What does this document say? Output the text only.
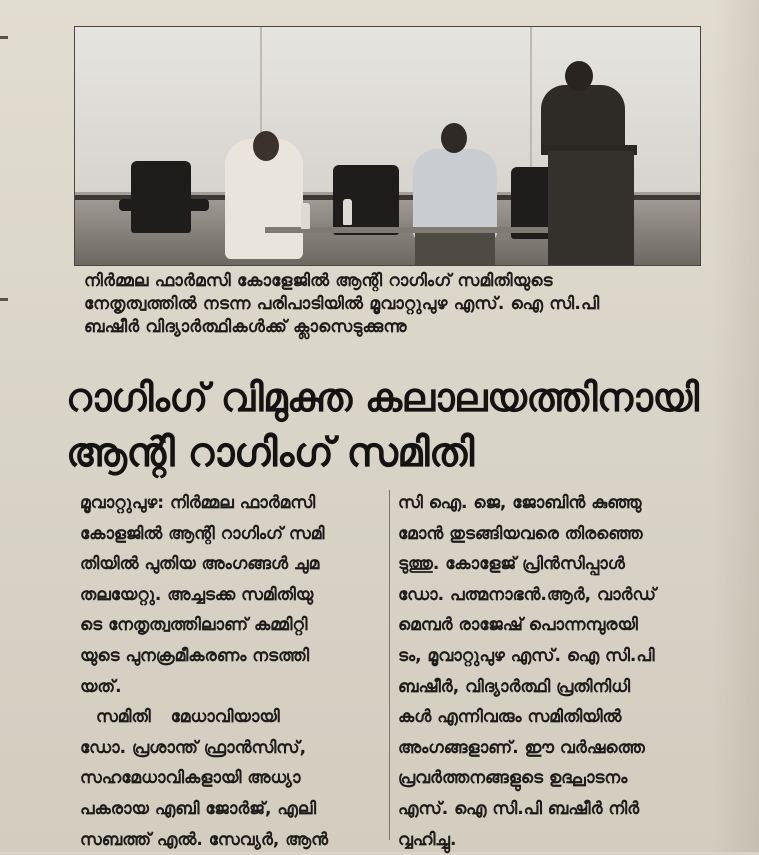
നിർമ്മല ഫാർമസി കോളേജിൽ ആന്റി റാഗിംഗ് സമിതിയുടെ
നേതൃത്വത്തിൽ നടന്ന പരിപാടിയിൽ മൂവാറ്റുപുഴ എസ്. ഐ സി.പി
ബഷീർ വിദ്യാർത്ഥികൾക്ക് ക്ലാസെടുക്കുന്നു
റാഗിംഗ് വിമുക്ത കലാലയത്തിനായി
ആന്റി റാഗിംഗ് സമിതി
മൂവാറ്റുപുഴ: നിർമ്മല ഫാർമസി
കോളജിൽ ആന്റി റാഗിംഗ് സമി
തിയിൽ പുതിയ അംഗങ്ങൾ ചുമ
തലയേറ്റു. അച്ചടക്ക സമിതിയു
ടെ നേതൃത്വത്തിലാണ് കമ്മിറ്റി
യുടെ പുനക്രമീകരണം നടത്തി
യത്.
സമിതി മേധാവിയായി
ഡോ. പ്രശാന്ത് ഫ്രാൻസിസ്,
സഹമേധാവികളായി അധ്യാ
പകരായ എബി ജോർജ്, എലി
സബത്ത് എൽ. സേവ്യർ, ആൻ
സി ഐ. ജെ, ജോബിൻ കുഞ്ഞു
മോൻ തുടങ്ങിയവരെ തിരഞ്ഞെ
ടുത്തു. കോളേജ് പ്രിൻസിപ്പാൾ
ഡോ. പത്മനാഭൻ.ആർ, വാർഡ്
മെമ്പർ രാജേഷ് പൊന്നമ്പുരയി
ടം, മൂവാറ്റുപുഴ എസ്. ഐ സി.പി
ബഷീർ, വിദ്യാർത്ഥി പ്രതിനിധി
കൾ എന്നിവരും സമിതിയിൽ
അംഗങ്ങളാണ്. ഈ വർഷത്തെ
പ്രവർത്തനങ്ങളുടെ ഉദ്ഘാടനം
എസ്. ഐ സി.പി ബഷീർ നിർ
വ്വഹിച്ചു.
